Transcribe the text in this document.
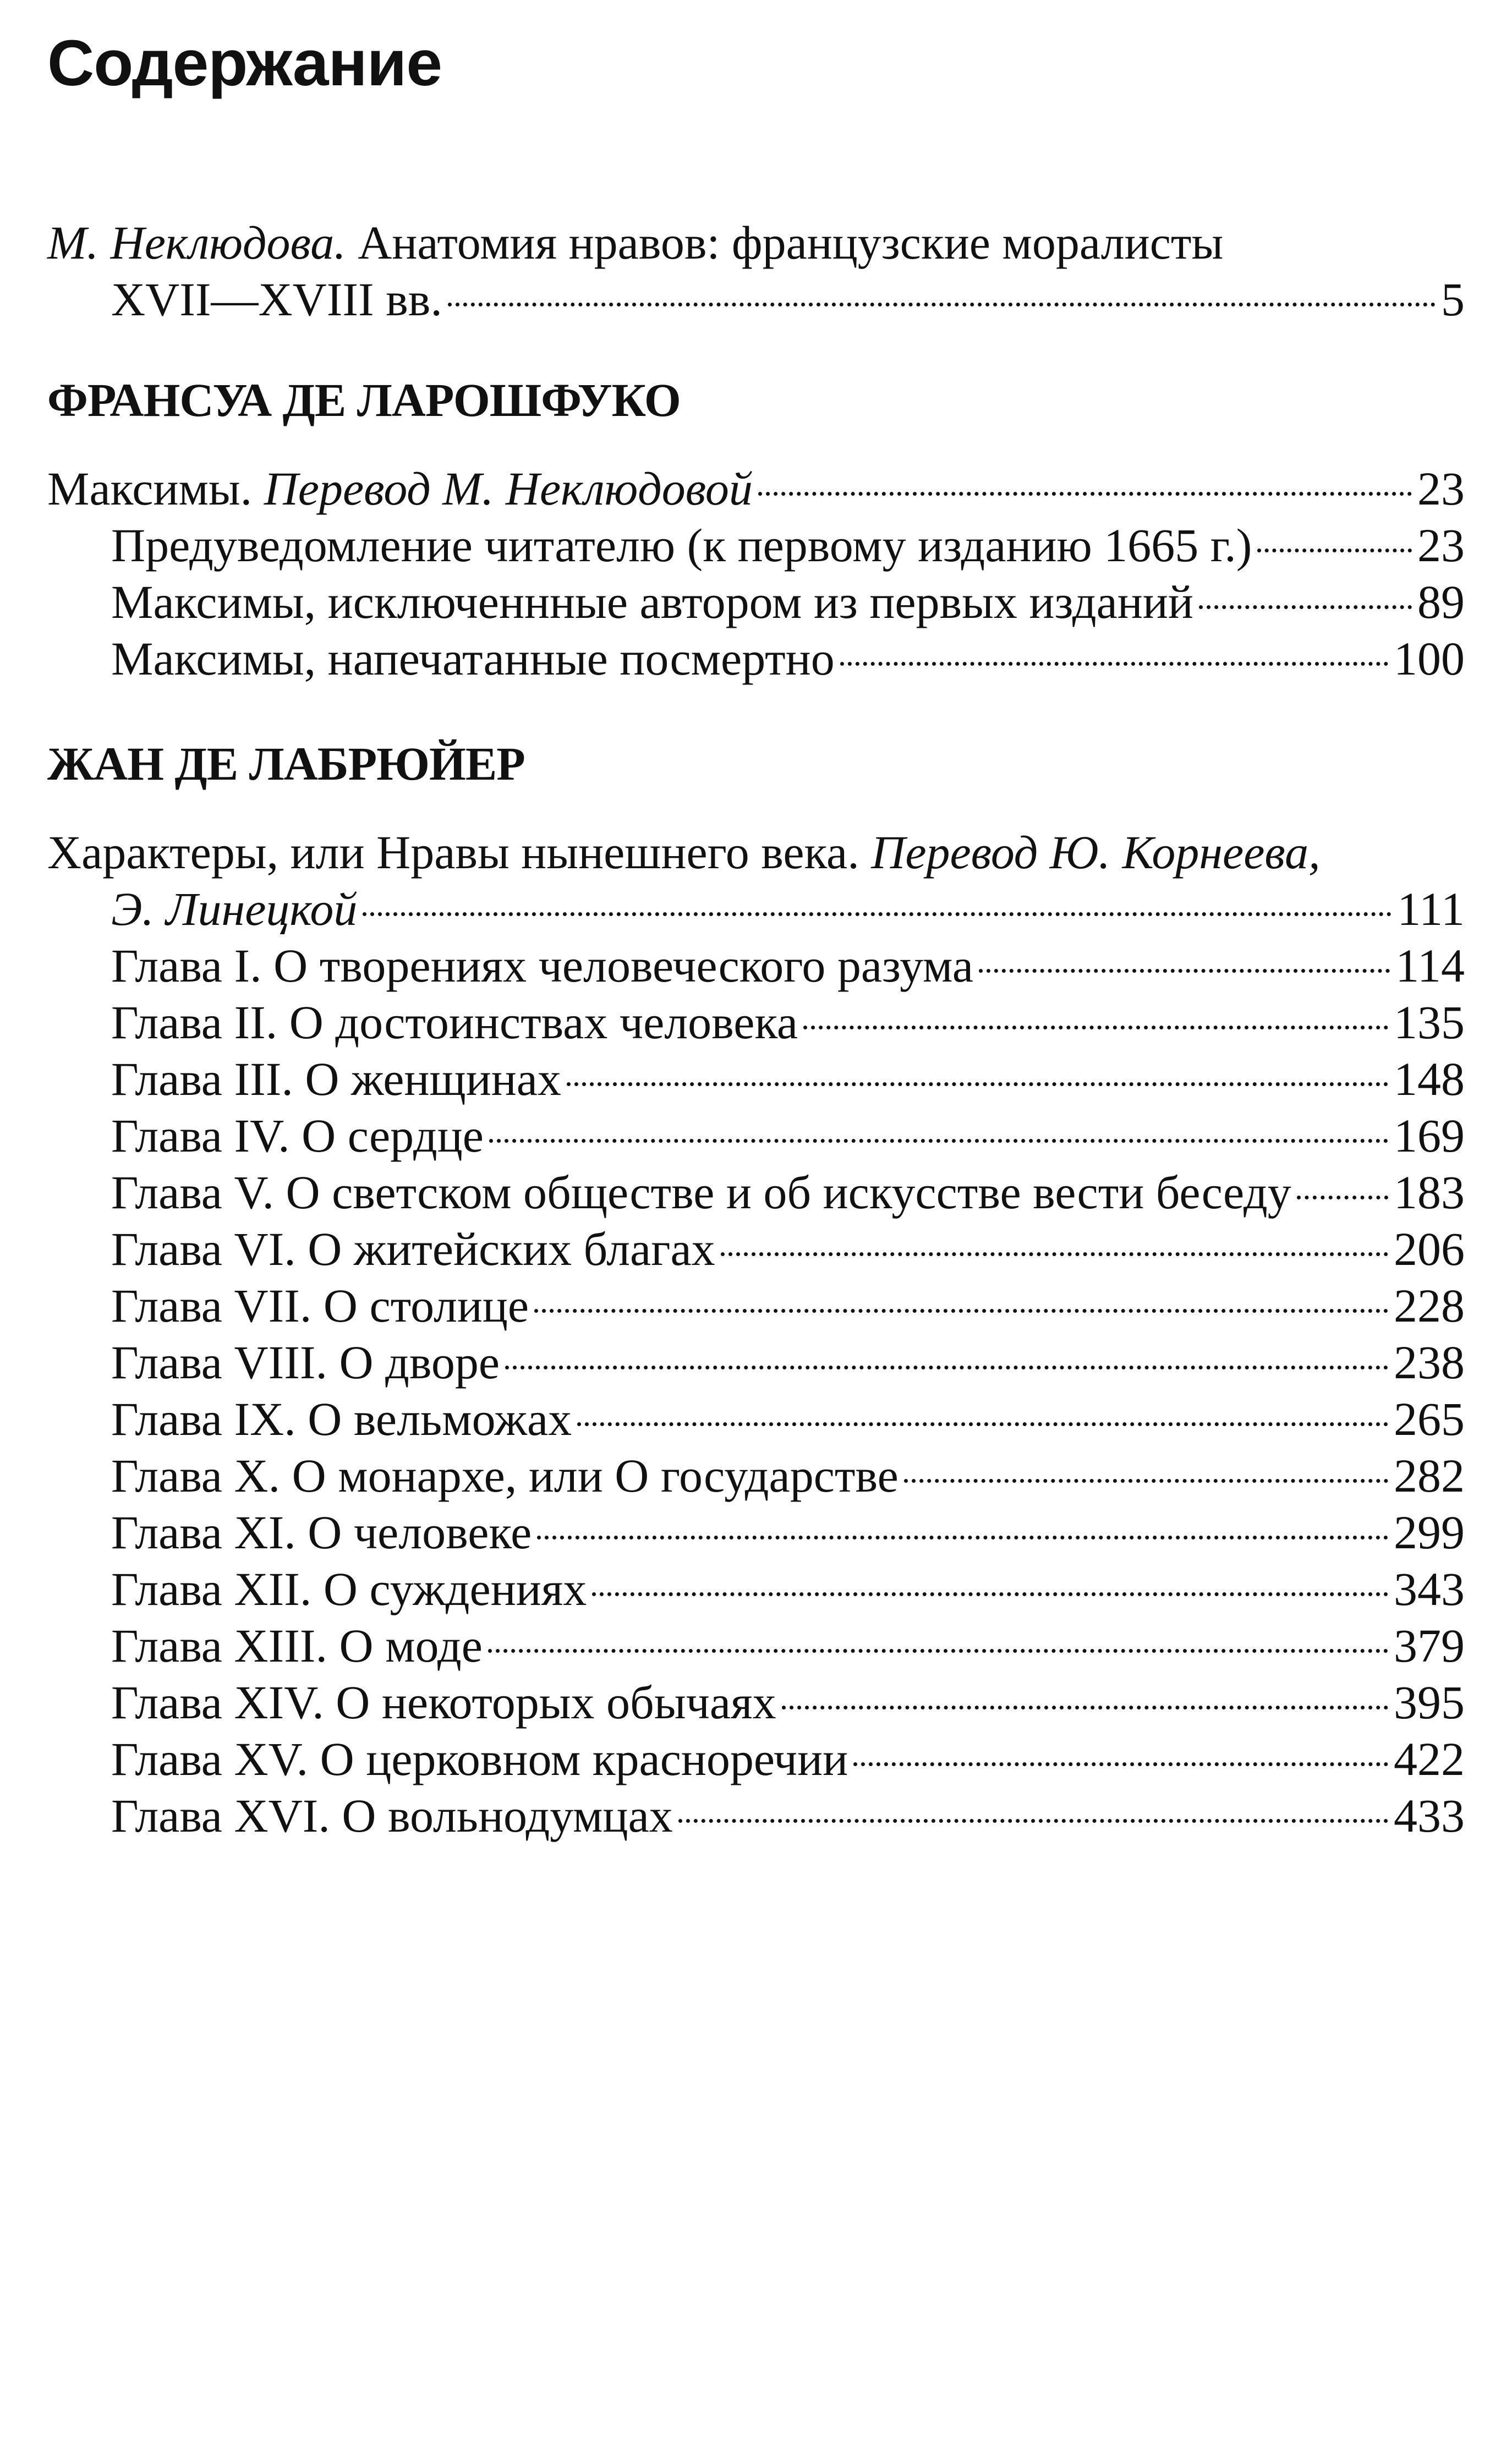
Содержание
М. Неклюдова. Анатомия нравов: французские моралисты
XVII—XVIII вв.	5
ФРАНСУА ДЕ ЛАРОШФУКО
Максимы. Перевод М. Неклюдовой	23
Предуведомление читателю (к первому изданию 1665 г.)	23
Максимы, исключеннные автором из первых изданий	89
Максимы, напечатанные посмертно	100
ЖАН ДЕ ЛАБРЮЙЕР
Характеры, или Нравы нынешнего века. Перевод Ю. Корнеева,
Э. Линецкой	111
Глава I. О творениях человеческого разума	114
Глава II. О достоинствах человека	135
Глава III. О женщинах	148
Глава IV. О сердце	169
Глава V. О светском обществе и об искусстве вести беседу 183
Глава VI. О житейских благах	206
Глава VII. О столице	228
Глава VIII. О дворе	238
Глава IX. О вельможах	265
Глава X. О монархе, или О государстве	282
Глава XI. О человеке	299
Глава XII. О суждениях	343
Глава XIII. О моде	379
Глава XIV. О некоторых обычаях	395
Глава XV. О церковном красноречии	422
Глава XVI. О вольнодумцах	433
